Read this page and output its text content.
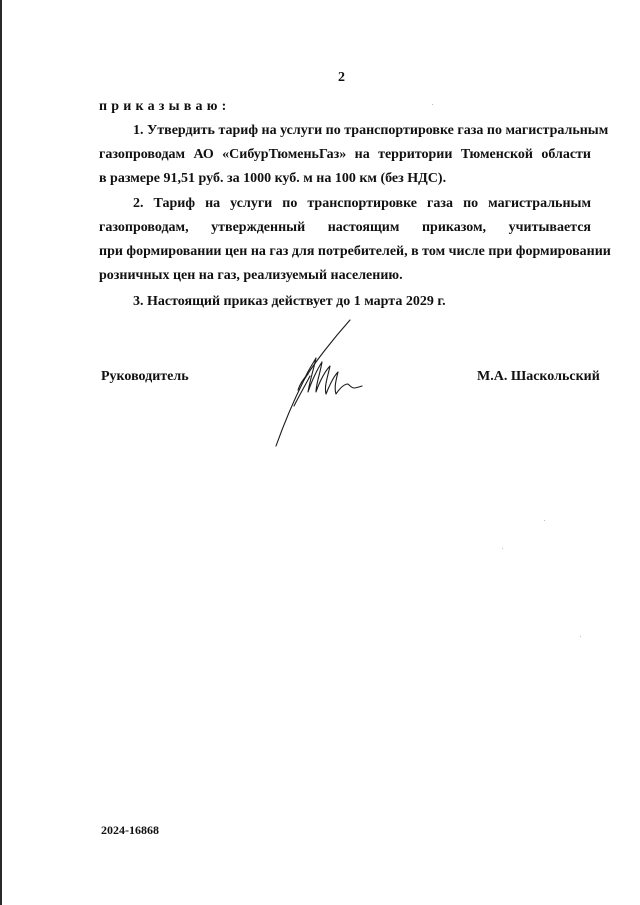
2
приказываю:
1. Утвердить тариф на услуги по транспортировке газа по магистральным
газопроводам АО «СибурТюменьГаз» на территории Тюменской области
в размере 91,51 руб. за 1000 куб. м на 100 км (без НДС).
2. Тариф на услуги по транспортировке газа по магистральным
газопроводам, утвержденный настоящим приказом, учитывается
при формировании цен на газ для потребителей, в том числе при формировании
розничных цен на газ, реализуемый населению.
3. Настоящий приказ действует до 1 марта 2029 г.
Руководитель	М.А. Шаскольский
2024-16868
